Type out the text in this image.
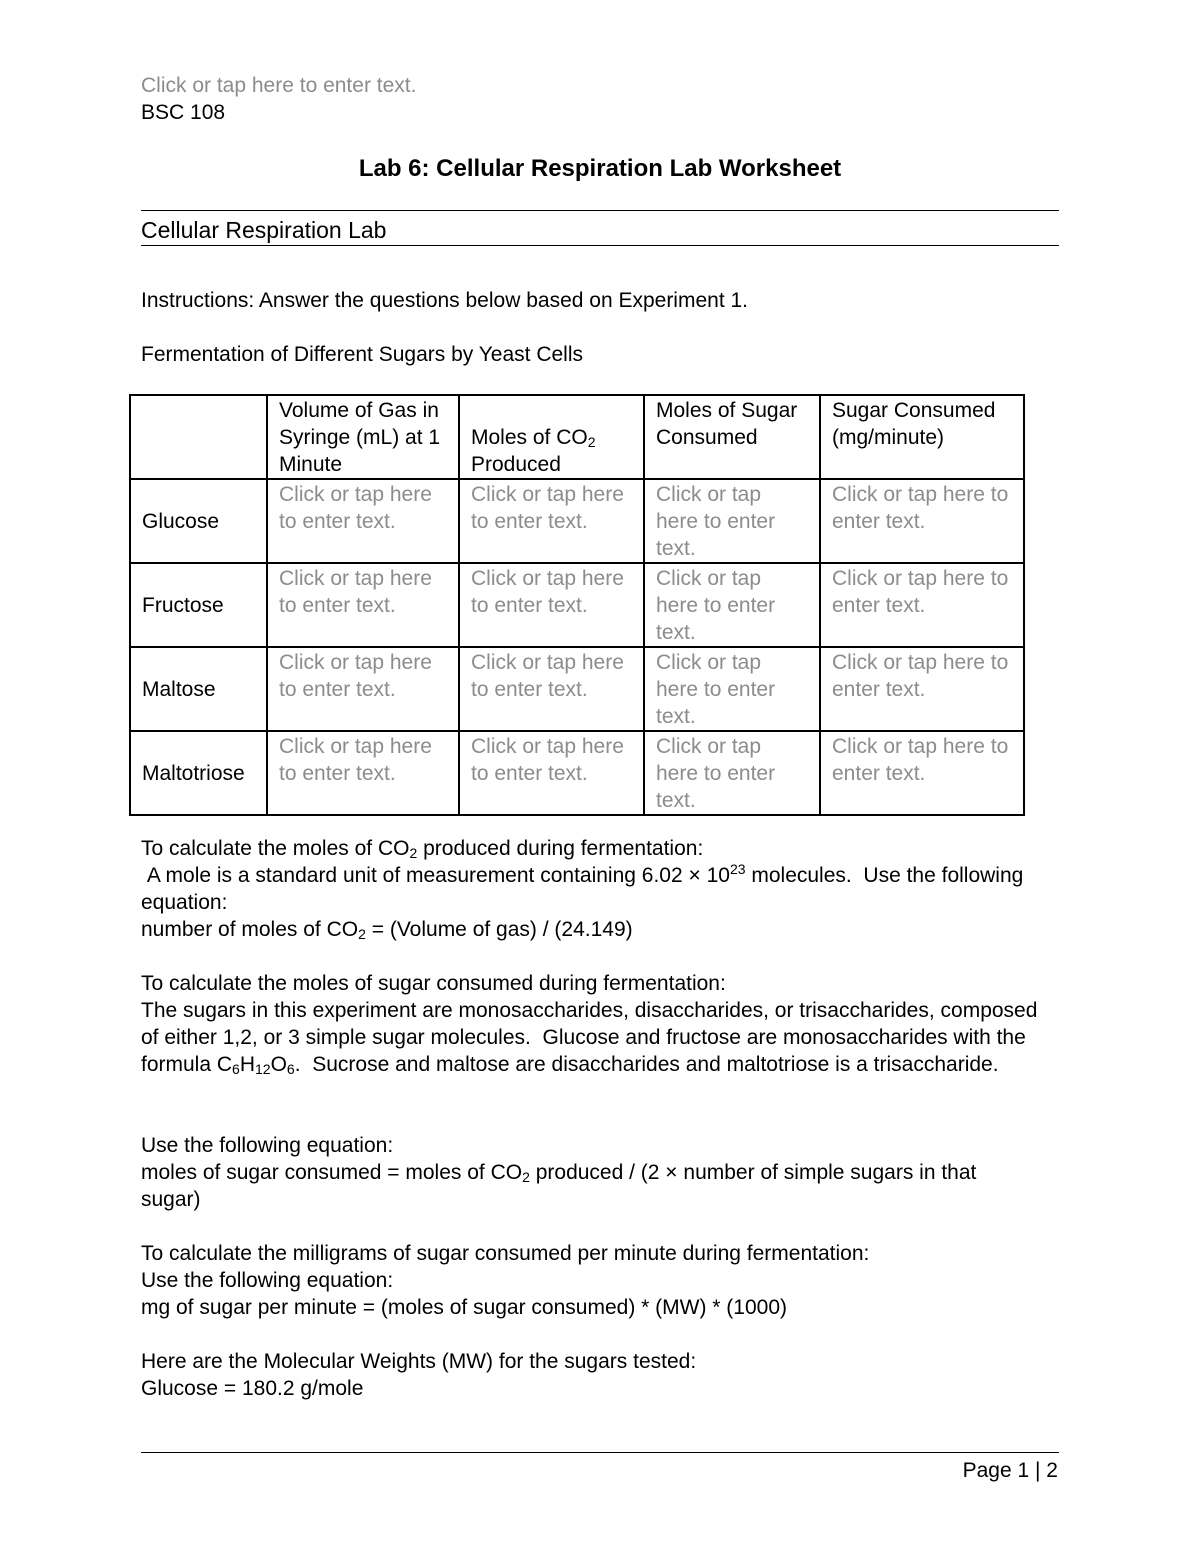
Click or tap here to enter text.
BSC 108
Lab 6: Cellular Respiration Lab Worksheet
Cellular Respiration Lab

Instructions: Answer the questions below based on Experiment 1.

Fermentation of Different Sugars by Yeast Cells

	Volume of Gas in Syringe (mL) at 1 Minute	Moles of $CO_2$ Produced	Moles of Sugar Consumed	Sugar Consumed (mg/minute)
Glucose	Click or tap here to enter text.	Click or tap here to enter text.	Click or tap here to enter text.	Click or tap here to enter text.
Fructose	Click or tap here to enter text.	Click or tap here to enter text.	Click or tap here to enter text.	Click or tap here to enter text.
Maltose	Click or tap here to enter text.	Click or tap here to enter text.	Click or tap here to enter text.	Click or tap here to enter text.
Maltotriose	Click or tap here to enter text.	Click or tap here to enter text.	Click or tap here to enter text.	Click or tap here to enter text.
To calculate the moles of $CO_2$ produced during fermentation:
A mole is a standard unit of measurement containing $6.02 \times 10^{23}$ molecules.  Use the following equation:
number of moles of $CO_2$ = (Volume of gas) / (24.149)
To calculate the moles of sugar consumed during fermentation:
The sugars in this experiment are monosaccharides, disaccharides, or trisaccharides, composed of either 1,2, or 3 simple sugar molecules.  Glucose and fructose are monosaccharides with the formula $C_6H_{12}O_6$.  Sucrose and maltose are disaccharides and maltotriose is a trisaccharide.
Use the following equation:
moles of sugar consumed = moles of $CO_2$ produced / (2 × number of simple sugars in that sugar)
To calculate the milligrams of sugar consumed per minute during fermentation:
Use the following equation:
mg of sugar per minute = (moles of sugar consumed) * (MW) * (1000)
Here are the Molecular Weights (MW) for the sugars tested:
Glucose = 180.2 g/mole
Page 1 | 2
